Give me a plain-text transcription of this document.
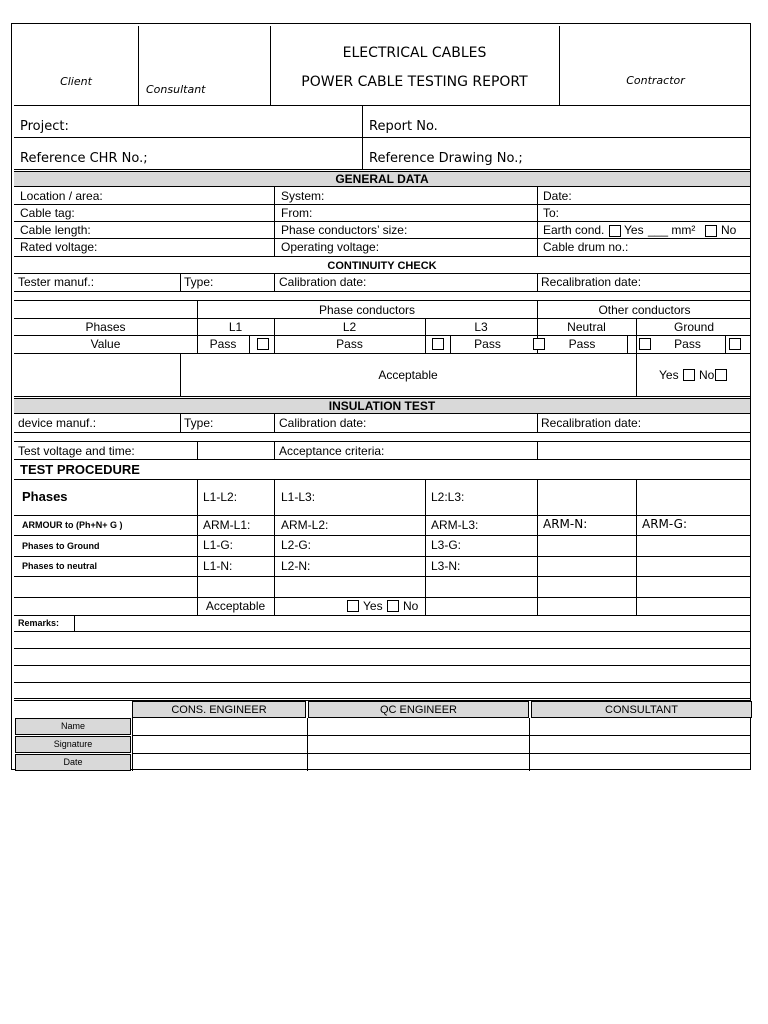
Client
Consultant
ELECTRICAL CABLES
POWER CABLE TESTING REPORT	Contractor
Project:	Report No.
Reference CHR No.;	Reference Drawing No.;
GENERAL DATA
Location / area:	System:	Date:
Cable tag:	From:	To:
Cable length:	Phase conductors’ size:	Earth cond. Yes ___ mm² No
Rated voltage:	Operating voltage:	Cable drum no.:
CONTINUITY CHECK
Tester manuf.:	Type:	Calibration date:	Recalibration date:
Phase conductors	Other conductors
Phases	L1	L2	L3	Neutral	Ground
Value	Pass	Pass	Pass	Pass	Pass
Acceptable	Yes No
INSULATION TEST
device manuf.:	Type:	Calibration date:	Recalibration date:
Test voltage and time:	Acceptance criteria:
TEST PROCEDURE
Phases	L1-L2:	L1-L3:	L2:L3:
ARMOUR to (Ph+N+ G )	ARM-L1:	ARM-L2:	ARM-L3:	ARM-N:	ARM-G:
Phases to Ground	L1-G:	L2-G:	L3-G:
Phases to neutral	L1-N:	L2-N:	L3-N:
Acceptable	Yes No
Remarks:
CONS. ENGINEER	QC ENGINEER	CONSULTANT
Name
Signature
Date
